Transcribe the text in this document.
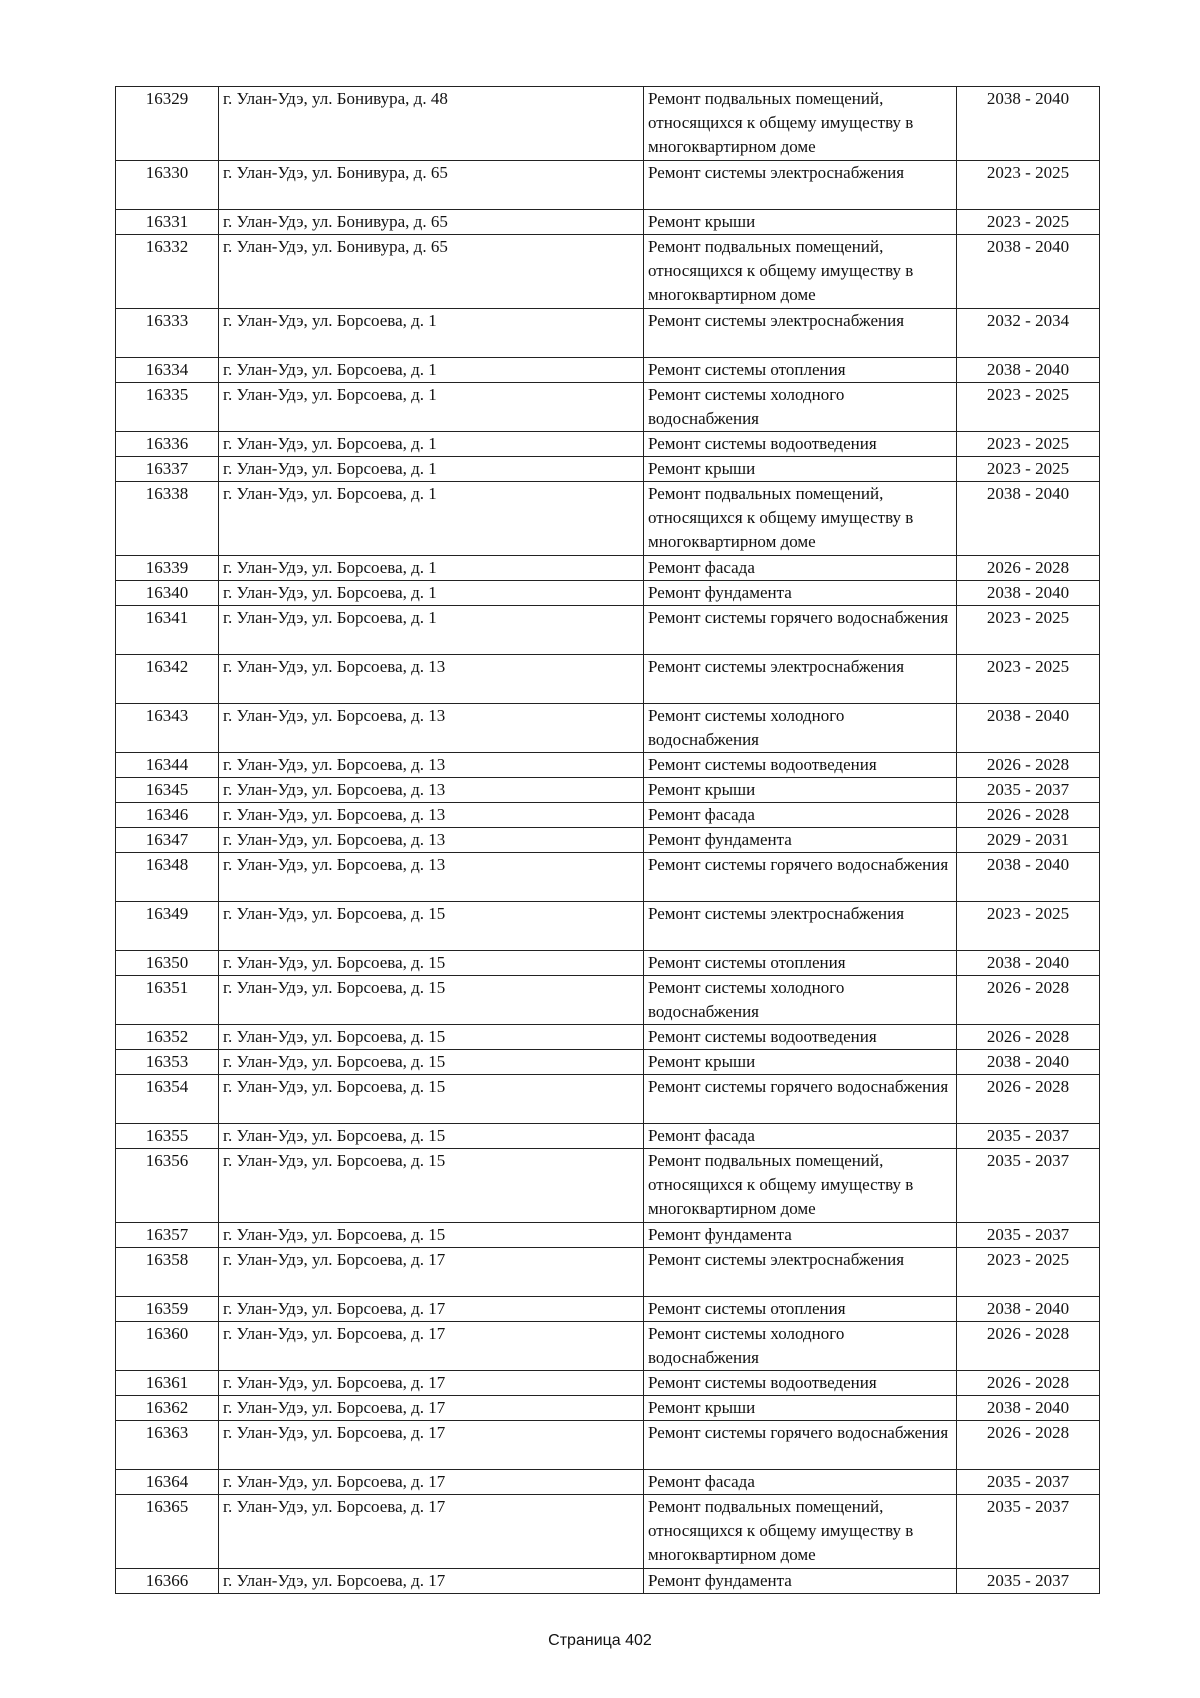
16329	г. Улан-Удэ, ул. Бонивура, д. 48	Ремонт подвальных помещений, относящихся к общему имуществу в многоквартирном доме	2038 - 2040
16330	г. Улан-Удэ, ул. Бонивура, д. 65	Ремонт системы электроснабжения	2023 - 2025
16331	г. Улан-Удэ, ул. Бонивура, д. 65	Ремонт крыши	2023 - 2025
16332	г. Улан-Удэ, ул. Бонивура, д. 65	Ремонт подвальных помещений, относящихся к общему имуществу в многоквартирном доме	2038 - 2040
16333	г. Улан-Удэ, ул. Борсоева, д. 1	Ремонт системы электроснабжения	2032 - 2034
16334	г. Улан-Удэ, ул. Борсоева, д. 1	Ремонт системы отопления	2038 - 2040
16335	г. Улан-Удэ, ул. Борсоева, д. 1	Ремонт системы холодного водоснабжения	2023 - 2025
16336	г. Улан-Удэ, ул. Борсоева, д. 1	Ремонт системы водоотведения	2023 - 2025
16337	г. Улан-Удэ, ул. Борсоева, д. 1	Ремонт крыши	2023 - 2025
16338	г. Улан-Удэ, ул. Борсоева, д. 1	Ремонт подвальных помещений, относящихся к общему имуществу в многоквартирном доме	2038 - 2040
16339	г. Улан-Удэ, ул. Борсоева, д. 1	Ремонт фасада	2026 - 2028
16340	г. Улан-Удэ, ул. Борсоева, д. 1	Ремонт фундамента	2038 - 2040
16341	г. Улан-Удэ, ул. Борсоева, д. 1	Ремонт системы горячего водоснабжения	2023 - 2025
16342	г. Улан-Удэ, ул. Борсоева, д. 13	Ремонт системы электроснабжения	2023 - 2025
16343	г. Улан-Удэ, ул. Борсоева, д. 13	Ремонт системы холодного водоснабжения	2038 - 2040
16344	г. Улан-Удэ, ул. Борсоева, д. 13	Ремонт системы водоотведения	2026 - 2028
16345	г. Улан-Удэ, ул. Борсоева, д. 13	Ремонт крыши	2035 - 2037
16346	г. Улан-Удэ, ул. Борсоева, д. 13	Ремонт фасада	2026 - 2028
16347	г. Улан-Удэ, ул. Борсоева, д. 13	Ремонт фундамента	2029 - 2031
16348	г. Улан-Удэ, ул. Борсоева, д. 13	Ремонт системы горячего водоснабжения	2038 - 2040
16349	г. Улан-Удэ, ул. Борсоева, д. 15	Ремонт системы электроснабжения	2023 - 2025
16350	г. Улан-Удэ, ул. Борсоева, д. 15	Ремонт системы отопления	2038 - 2040
16351	г. Улан-Удэ, ул. Борсоева, д. 15	Ремонт системы холодного водоснабжения	2026 - 2028
16352	г. Улан-Удэ, ул. Борсоева, д. 15	Ремонт системы водоотведения	2026 - 2028
16353	г. Улан-Удэ, ул. Борсоева, д. 15	Ремонт крыши	2038 - 2040
16354	г. Улан-Удэ, ул. Борсоева, д. 15	Ремонт системы горячего водоснабжения	2026 - 2028
16355	г. Улан-Удэ, ул. Борсоева, д. 15	Ремонт фасада	2035 - 2037
16356	г. Улан-Удэ, ул. Борсоева, д. 15	Ремонт подвальных помещений, относящихся к общему имуществу в многоквартирном доме	2035 - 2037
16357	г. Улан-Удэ, ул. Борсоева, д. 15	Ремонт фундамента	2035 - 2037
16358	г. Улан-Удэ, ул. Борсоева, д. 17	Ремонт системы электроснабжения	2023 - 2025
16359	г. Улан-Удэ, ул. Борсоева, д. 17	Ремонт системы отопления	2038 - 2040
16360	г. Улан-Удэ, ул. Борсоева, д. 17	Ремонт системы холодного водоснабжения	2026 - 2028
16361	г. Улан-Удэ, ул. Борсоева, д. 17	Ремонт системы водоотведения	2026 - 2028
16362	г. Улан-Удэ, ул. Борсоева, д. 17	Ремонт крыши	2038 - 2040
16363	г. Улан-Удэ, ул. Борсоева, д. 17	Ремонт системы горячего водоснабжения	2026 - 2028
16364	г. Улан-Удэ, ул. Борсоева, д. 17	Ремонт фасада	2035 - 2037
16365	г. Улан-Удэ, ул. Борсоева, д. 17	Ремонт подвальных помещений, относящихся к общему имуществу в многоквартирном доме	2035 - 2037
16366	г. Улан-Удэ, ул. Борсоева, д. 17	Ремонт фундамента	2035 - 2037
Страница 402
